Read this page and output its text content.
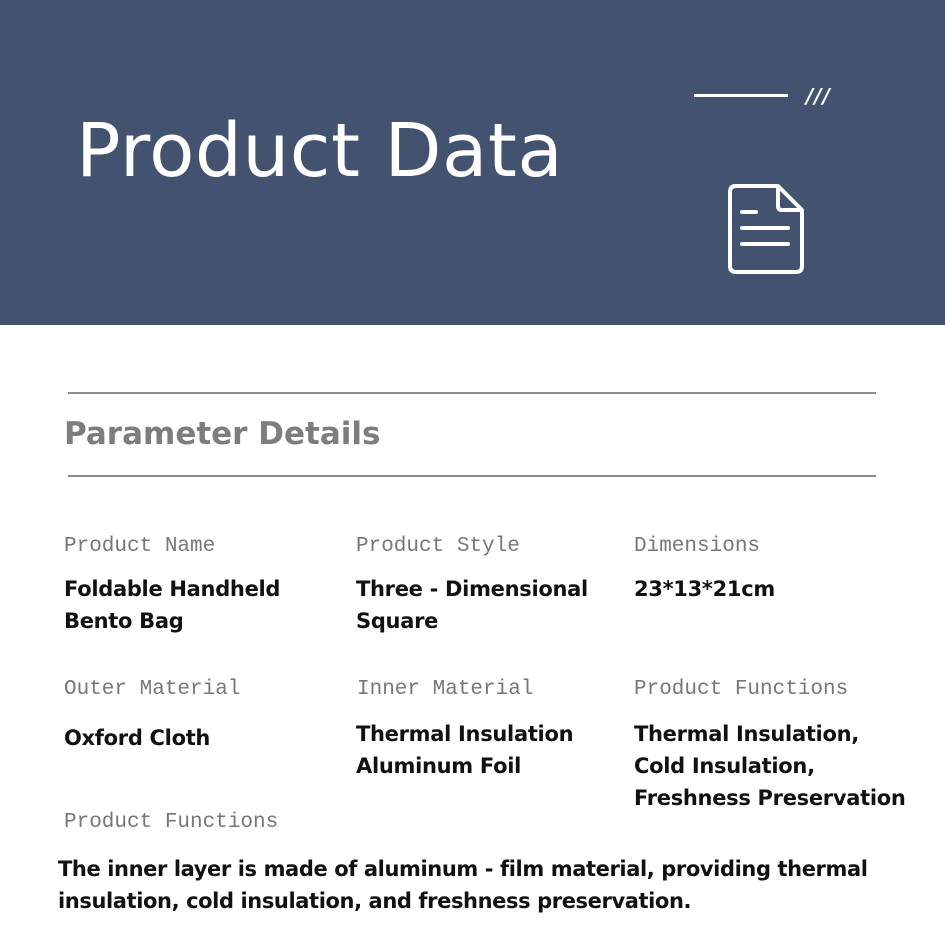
Product Data
///
Parameter Details
Product Name
Foldable Handheld
Bento Bag
Product Style
Three - Dimensional
Square
Dimensions
23*13*21cm
Outer Material
Oxford Cloth
Inner Material
Thermal Insulation
Aluminum Foil
Product Functions
Thermal Insulation,
Cold Insulation,
Freshness Preservation
Product Functions
The inner layer is made of aluminum - film material, providing thermal
insulation, cold insulation, and freshness preservation.
